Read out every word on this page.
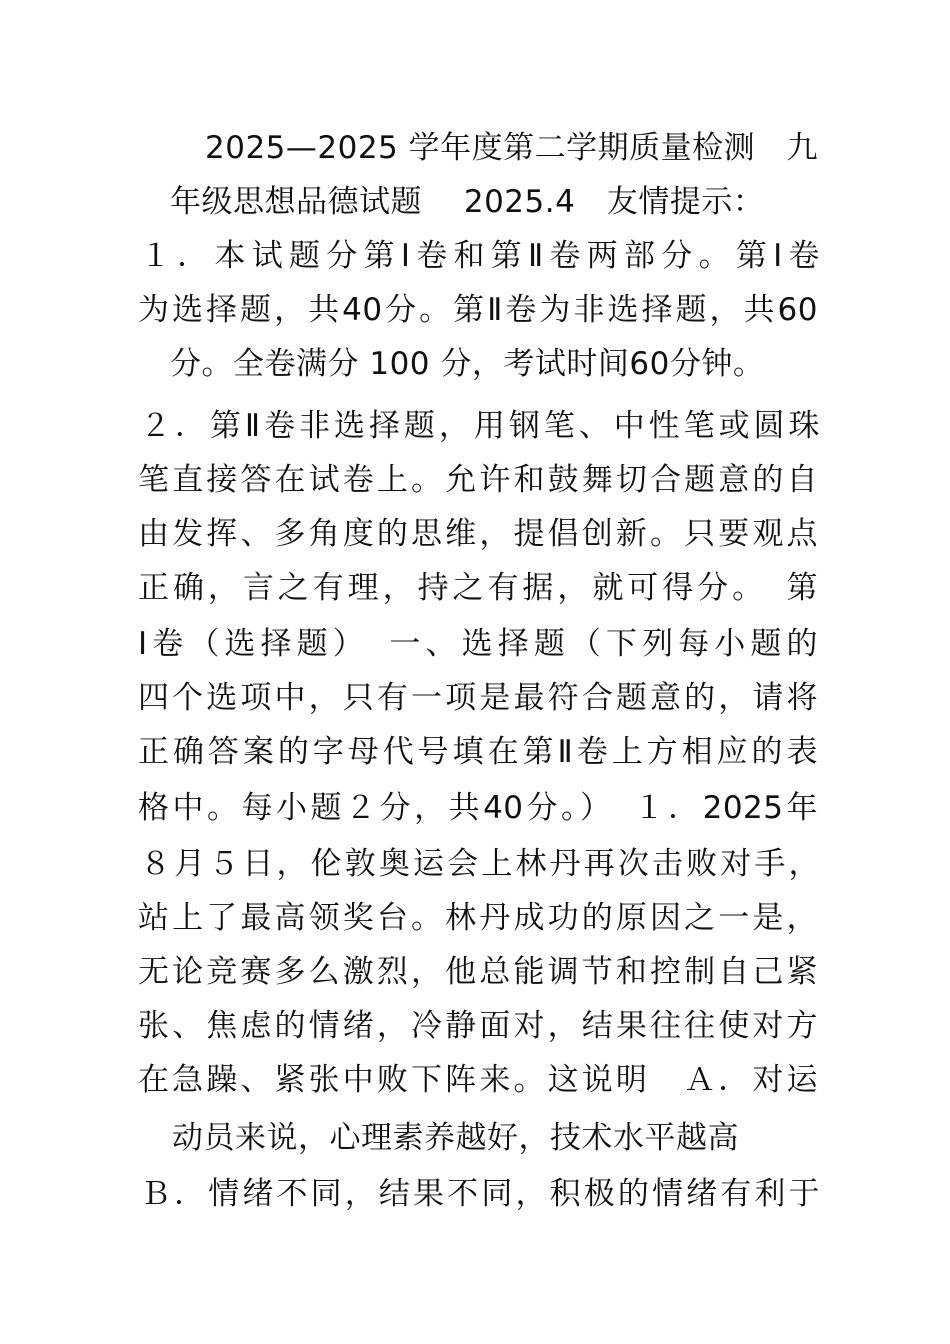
2025—2025 学年度第二学期质量检测　九
年级思想品德试题　 2025.4　友情提示：
１．本试题分第Ⅰ卷和第Ⅱ卷两部分。第Ⅰ卷
为选择题，共40分。第Ⅱ卷为非选择题，共60
分。全卷满分 100 分，考试时间60分钟。
２．第Ⅱ卷非选择题，用钢笔、中性笔或圆珠
笔直接答在试卷上。允许和鼓舞切合题意的自
由发挥、多角度的思维，提倡创新。只要观点
正确，言之有理，持之有据，就可得分。　第
Ⅰ卷（选择题）　一、选择题（下列每小题的
四个选项中，只有一项是最符合题意的，请将
正确答案的字母代号填在第Ⅱ卷上方相应的表
格中。每小题２分，共40分。）　１．2025年
８月５日，伦敦奥运会上林丹再次击败对手，
站上了最高领奖台。林丹成功的原因之一是，
无论竞赛多么激烈，他总能调节和控制自己紧
张、焦虑的情绪，冷静面对，结果往往使对方
在急躁、紧张中败下阵来。这说明　Ａ．对运
动员来说，心理素养越好，技术水平越高
Ｂ．情绪不同，结果不同，积极的情绪有利于
